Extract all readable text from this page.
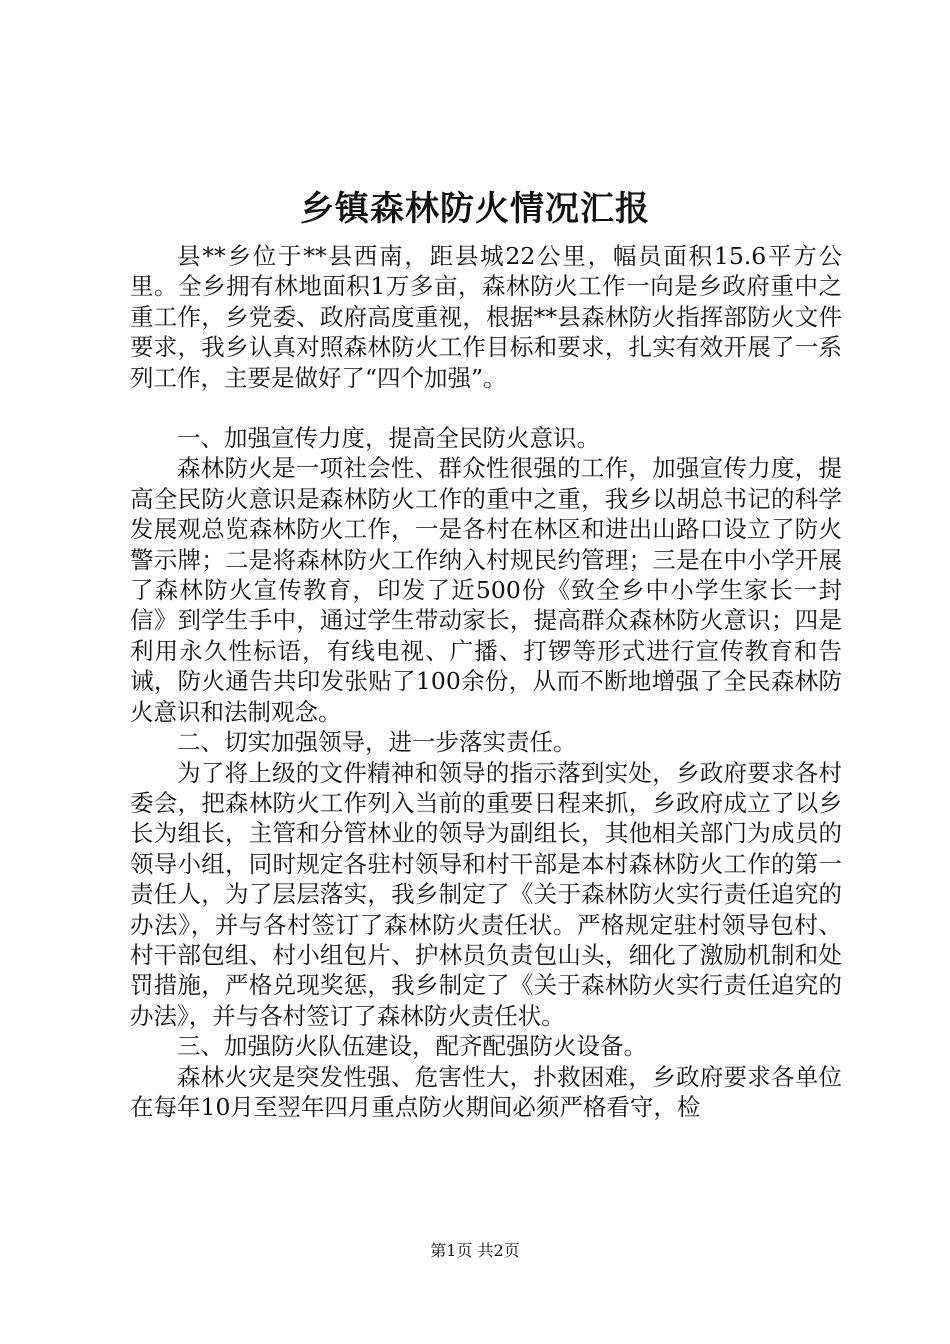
乡镇森林防火情况汇报

县**乡位于**县西南，距县城22公里，幅员面积15.6平方公里。全乡拥有林地面积1万多亩，森林防火工作一向是乡政府重中之重工作，乡党委、政府高度重视，根据**县森林防火指挥部防火文件要求，我乡认真对照森林防火工作目标和要求，扎实有效开展了一系列工作，主要是做好了“四个加强”。

一、加强宣传力度，提高全民防火意识。

森林防火是一项社会性、群众性很强的工作，加强宣传力度，提高全民防火意识是森林防火工作的重中之重，我乡以胡总书记的科学发展观总览森林防火工作，一是各村在林区和进出山路口设立了防火警示牌；二是将森林防火工作纳入村规民约管理；三是在中小学开展了森林防火宣传教育，印发了近500份《致全乡中小学生家长一封信》到学生手中，通过学生带动家长，提高群众森林防火意识；四是利用永久性标语，有线电视、广播、打锣等形式进行宣传教育和告诫，防火通告共印发张贴了100余份，从而不断地增强了全民森林防火意识和法制观念。

二、切实加强领导，进一步落实责任。

为了将上级的文件精神和领导的指示落到实处，乡政府要求各村委会，把森林防火工作列入当前的重要日程来抓，乡政府成立了以乡长为组长，主管和分管林业的领导为副组长，其他相关部门为成员的领导小组，同时规定各驻村领导和村干部是本村森林防火工作的第一责任人，为了层层落实，我乡制定了《关于森林防火实行责任追究的办法》，并与各村签订了森林防火责任状。严格规定驻村领导包村、村干部包组、村小组包片、护林员负责包山头，细化了激励机制和处罚措施，严格兑现奖惩，我乡制定了《关于森林防火实行责任追究的办法》，并与各村签订了森林防火责任状。

三、加强防火队伍建设，配齐配强防火设备。

森林火灾是突发性强、危害性大，扑救困难，乡政府要求各单位在每年10月至翌年四月重点防火期间必须严格看守，检

第1页 共2页
